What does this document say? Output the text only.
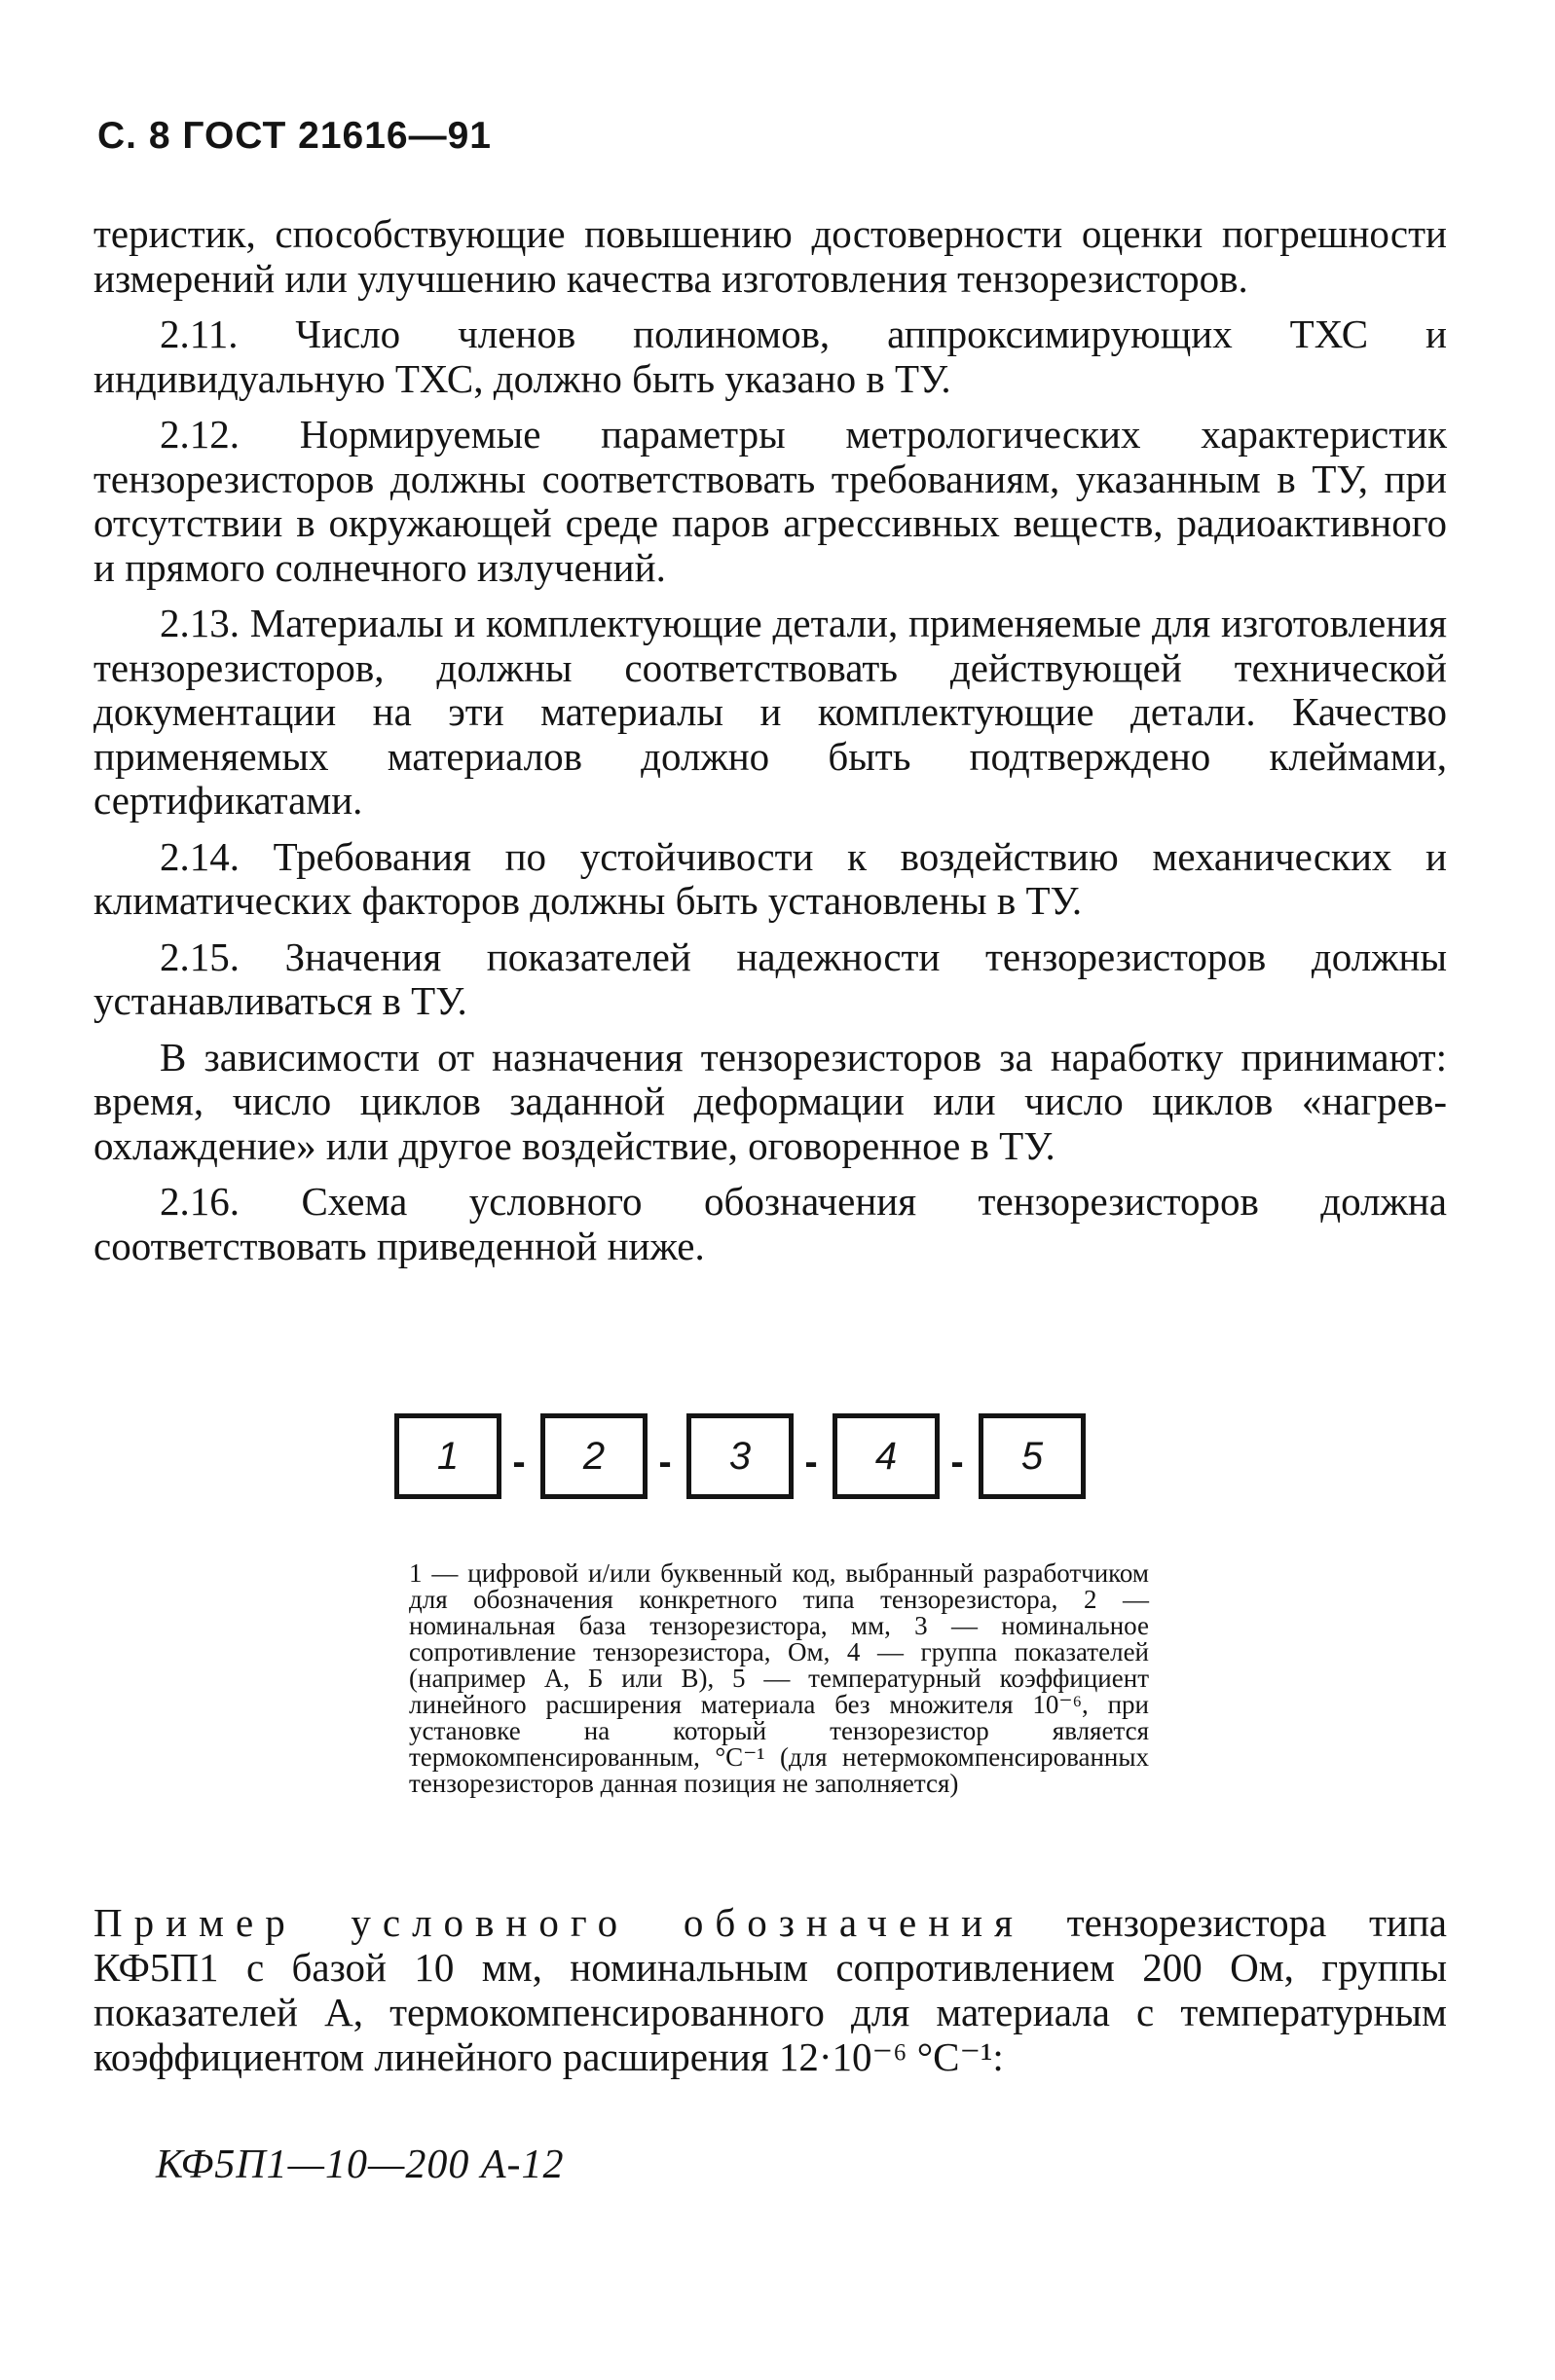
С. 8 ГОСТ 21616—91

теристик, способствующие повышению достоверности оценки погрешности измерений или улучшению качества изготовления тензорезисторов.

2.11. Число членов полиномов, аппроксимирующих ТХС и индивидуальную ТХС, должно быть указано в ТУ.

2.12. Нормируемые параметры метрологических характеристик тензорезисторов должны соответствовать требованиям, указанным в ТУ, при отсутствии в окружающей среде паров агрессивных веществ, радиоактивного и прямого солнечного излучений.

2.13. Материалы и комплектующие детали, применяемые для изготовления тензорезисторов, должны соответствовать действующей технической документации на эти материалы и комплектующие детали. Качество применяемых материалов должно быть подтверждено клеймами, сертификатами.

2.14. Требования по устойчивости к воздействию механических и климатических факторов должны быть установлены в ТУ.

2.15. Значения показателей надежности тензорезисторов должны устанавливаться в ТУ.

В зависимости от назначения тензорезисторов за наработку принимают: время, число циклов заданной деформации или число циклов «нагрев-охлаждение» или другое воздействие, оговоренное в ТУ.

2.16. Схема условного обозначения тензорезисторов должна соответствовать приведенной ниже.

1	-	2	-	3	-	4	-	5
1 — цифровой и/или буквенный код, выбранный разработчиком для обозначения конкретного типа тензорезистора, 2 — номинальная база тензорезистора, мм, 3 — номинальное сопротивление тензорезистора, Ом, 4 — группа показателей (например А, Б или В), 5 — температурный коэффициент линейного расширения материала без множителя 10⁻⁶, при установке на который тензорезистор является термокомпенсированным, °С⁻¹ (для нетермокомпенсированных тензорезисторов данная позиция не заполняется)
Пример условного обозначения тензорезистора типа КФ5П1 с базой 10 мм, номинальным сопротивлением 200 Ом, группы показателей А, термокомпенсированного для материала с температурным коэффициентом линейного расширения 12·10⁻⁶ °С⁻¹:
КФ5П1—10—200 А-12
